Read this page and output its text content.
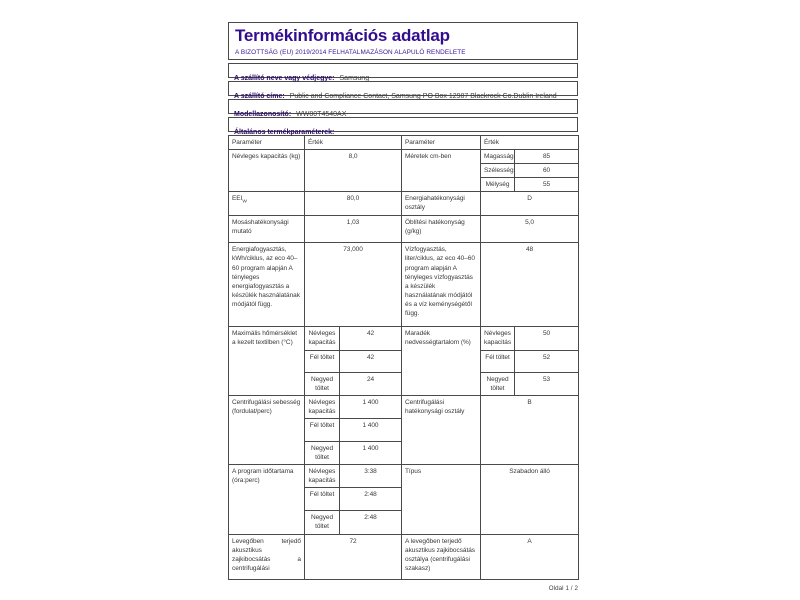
Termékinformációs adatlap
A BIZOTTSÁG (EU) 2019/2014 FELHATALMAZÁSON ALAPULÓ RENDELETE
A szállító neve vagy védjegye: Samsung
A szállító címe: Public and Compliance Contact, Samsung PO Box 12987 Blackrock Co.Dublin Ireland
Modellazonosító: WW80T4540AX
Általános termékparaméterek:
Paraméter	Érték		Paraméter	Érték	
Névleges kapacitás (kg)	8,0		Méretek cm-ben	Magasság	85
				Szélesség	60
				Mélység	55
$EEI_W$	80,0		Energiahatékonysági osztály	D	
Mosáshatékonysági mutató	1,03		Öblítési hatékonyság (g/kg)	5,0	
Energiafogyasztás, kWh/ciklus, az eco 40–60 program alapján A tényleges energiafogyasztás a készülék használatának módjától függ.	73,000		Vízfogyasztás, liter/ciklus, az eco 40–60 program alapján A tényleges vízfogyasztás a készülék használatának módjától és a víz keménységétől függ.	48	
Maximális hőmérséklet a kezelt textilben (°C)	Névleges kapacitás	42	Maradék nedvességtartalom (%)	Névleges kapacitás	50
	Fél töltet	42		Fél töltet	52
	Negyed töltet	24		Negyed töltet	53
Centrifugálási sebesség (fordulat/perc)	Névleges kapacitás	1 400	Centrifugálási hatékonysági osztály	B	
	Fél töltet	1 400			
	Negyed töltet	1 400			
A program időtartama (óra:perc)	Névleges kapacitás	3:38	Típus	Szabadon álló	
	Fél töltet	2:48			
	Negyed töltet	2:48			
Levegőben terjedő akusztikus zajkibocsátás a centrifugálási	72		A levegőben terjedő akusztikus zajkibocsátás osztálya (centrifugálási szakasz)	A	
Oldal 1 / 2
